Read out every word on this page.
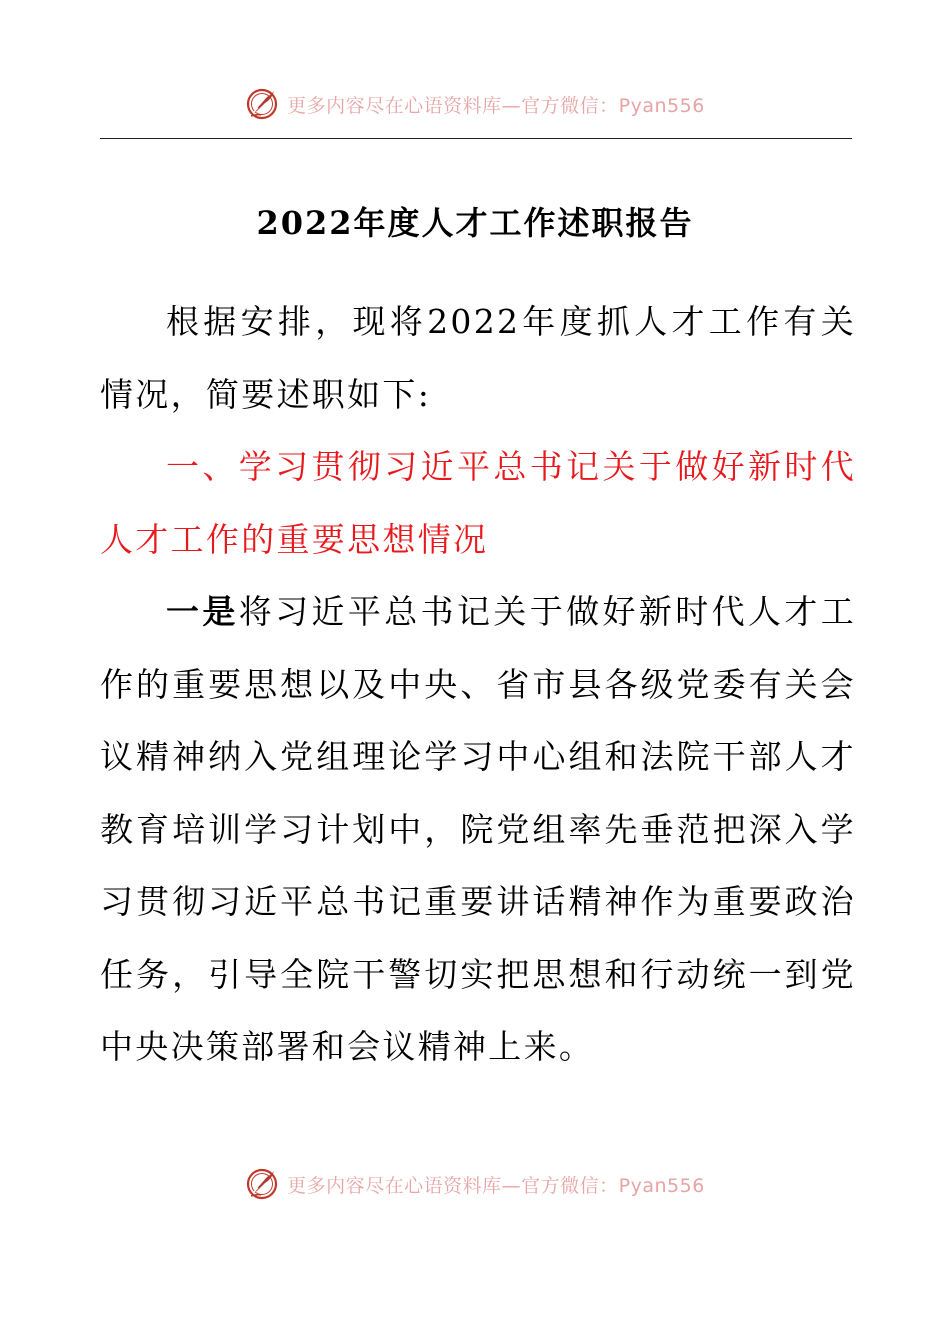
更多内容尽在心语资料库—官方微信：Pyan556
2022年度人才工作述职报告

根据安排，现将2022年度抓人才工作有关情况，简要述职如下:

一、学习贯彻习近平总书记关于做好新时代人才工作的重要思想情况

一是将习近平总书记关于做好新时代人才工作的重要思想以及中央、省市县各级党委有关会议精神纳入党组理论学习中心组和法院干部人才教育培训学习计划中，院党组率先垂范把深入学习贯彻习近平总书记重要讲话精神作为重要政治任务，引导全院干警切实把思想和行动统一到党中央决策部署和会议精神上来。

更多内容尽在心语资料库—官方微信：Pyan556
